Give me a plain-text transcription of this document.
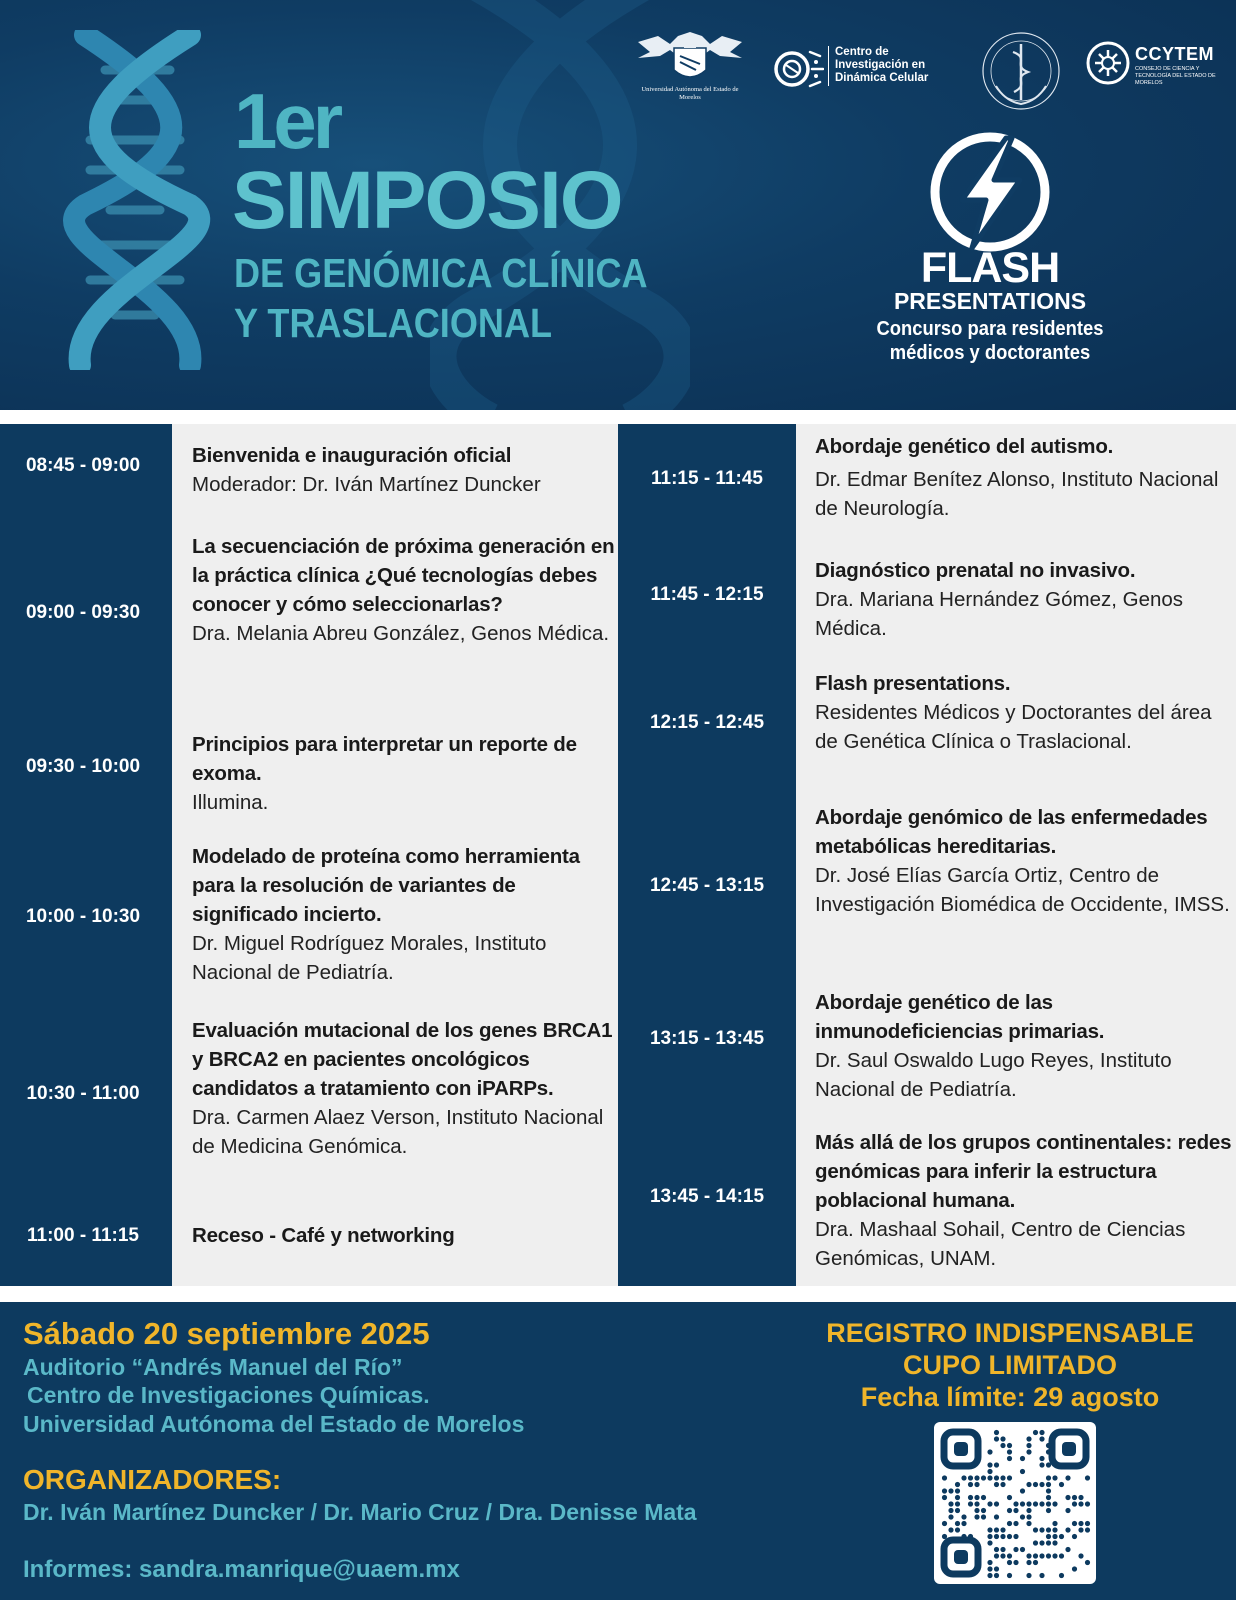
1er
SIMPOSIO
DE GENÓMICA CLÍNICA
Y TRASLACIONAL
Universidad Autónoma del Estado de Morelos
Centro de
Investigación en
Dinámica Celular
CCYTEM
CONSEJO DE CIENCIA Y TECNOLOGÍA DEL ESTADO DE MORELOS
FLASH
PRESENTATIONS
Concurso para residentes
médicos y doctorantes
08:45 - 09:00
09:00 - 09:30
09:30 - 10:00
10:00 - 10:30
10:30 - 11:00
11:00 - 11:15
Bienvenida e inauguración oficial
Moderador: Dr. Iván Martínez Duncker
La secuenciación de próxima generación en la práctica clínica ¿Qué tecnologías debes conocer y cómo seleccionarlas?
Dra. Melania Abreu González, Genos Médica.
Principios para interpretar un reporte de exoma.
Illumina.
Modelado de proteína como herramienta para la resolución de variantes de significado incierto.
Dr. Miguel Rodríguez Morales, Instituto Nacional de Pediatría.
Evaluación mutacional de los genes BRCA1 y BRCA2 en pacientes oncológicos candidatos a tratamiento con iPARPs.
Dra. Carmen Alaez Verson, Instituto Nacional de Medicina Genómica.
Receso - Café y networking
11:15 - 11:45
11:45 - 12:15
12:15 - 12:45
12:45 - 13:15
13:15 - 13:45
13:45 - 14:15
Abordaje genético del autismo.
Dr. Edmar Benítez Alonso, Instituto Nacional de Neurología.
Diagnóstico prenatal no invasivo.
Dra. Mariana Hernández Gómez, Genos Médica.
Flash presentations.
Residentes Médicos y Doctorantes del área de Genética Clínica o Traslacional.
Abordaje genómico de las enfermedades metabólicas hereditarias.
Dr. José Elías García Ortiz, Centro de Investigación Biomédica de Occidente, IMSS.
Abordaje genético de las inmunodeficiencias primarias.
Dr. Saul Oswaldo Lugo Reyes, Instituto Nacional de Pediatría.
Más allá de los grupos continentales: redes genómicas para inferir la estructura poblacional humana.
Dra. Mashaal Sohail, Centro de Ciencias Genómicas, UNAM.
Sábado 20 septiembre 2025
Auditorio “Andrés Manuel del Río”
Centro de Investigaciones Químicas.
Universidad Autónoma del Estado de Morelos
ORGANIZADORES:
Dr. Iván Martínez Duncker / Dr. Mario Cruz / Dra. Denisse Mata
Informes: sandra.manrique@uaem.mx
REGISTRO INDISPENSABLE
CUPO LIMITADO
Fecha límite: 29 agosto
